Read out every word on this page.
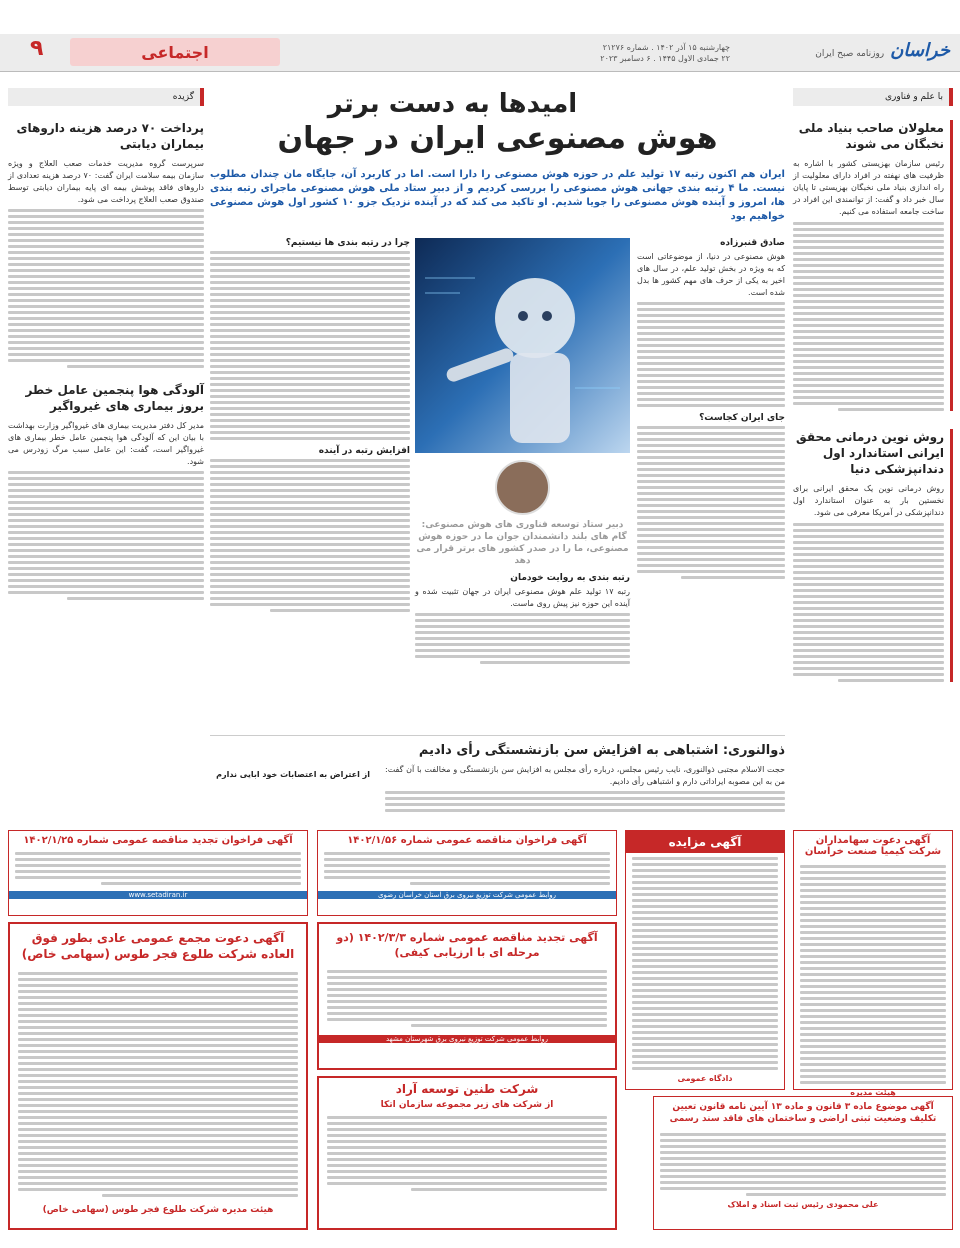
خراسان
روزنامه صبح ایران
چهارشنبه ۱۵ آذر ۱۴۰۲ . شماره ۲۱۲۷۶
۲۲ جمادی الاول ۱۴۴۵ . ۶ دسامبر ۲۰۲۳
اجتماعی
۹
با علم و فناوری
معلولان صاحب بنیاد ملی نخبگان می شوند
رئیس سازمان بهزیستی کشور با اشاره به ظرفیت های نهفته در افراد دارای معلولیت از راه اندازی بنیاد ملی نخبگان بهزیستی تا پایان سال خبر داد و گفت: از توانمندی این افراد در ساخت جامعه استفاده می کنیم.
روش نوین درمانی محقق ایرانی استاندارد اول دندانپزشکی دنیا
روش درمانی نوین یک محقق ایرانی برای نخستین بار به عنوان استاندارد اول دندانپزشکی در آمریکا معرفی می شود.
امیدها به دست برتر
هوش مصنوعی ایران در جهان
ایران هم اکنون رتبه ۱۷ تولید علم در حوزه هوش مصنوعی را دارا است. اما در کاربرد آن، جایگاه مان چندان مطلوب نیست. ما ۴ رتبه بندی جهانی هوش مصنوعی را بررسی کردیم و از دبیر ستاد ملی هوش مصنوعی ماجرای رتبه بندی ها، امروز و آینده هوش مصنوعی را جویا شدیم. او تاکید می کند که در آینده نزدیک جزو ۱۰ کشور اول هوش مصنوعی خواهیم بود
صادق قنبرزاده
هوش مصنوعی در دنیا، از موضوعاتی است که به ویژه در بخش تولید علم، در سال های اخیر به یکی از حرف های مهم کشور ها بدل شده است.
جای ایران کجاست؟
چرا در رتبه بندی ها نیستیم؟
افزایش رتبه در آینده
دبیر ستاد توسعه فناوری های هوش مصنوعی: گام های بلند دانشمندان جوان ما در حوزه هوش مصنوعی، ما را در صدر کشور های برتر قرار می دهد
رتبه بندی به روایت خودمان
رتبه ۱۷ تولید علم هوش مصنوعی ایران در جهان تثبیت شده و آینده این حوزه نیز پیش روی ماست.
گزیده
پرداخت ۷۰ درصد هزینه داروهای بیماران دیابتی
سرپرست گروه مدیریت خدمات صعب العلاج و ویژه سازمان بیمه سلامت ایران گفت: ۷۰ درصد هزینه تعدادی از داروهای فاقد پوشش بیمه ای پایه بیماران دیابتی توسط صندوق صعب العلاج پرداخت می شود.
آلودگی هوا پنجمین عامل خطر بروز بیماری های غیرواگیر
مدیر کل دفتر مدیریت بیماری های غیرواگیر وزارت بهداشت با بیان این که آلودگی هوا پنجمین عامل خطر بیماری های غیرواگیر است، گفت: این عامل سبب مرگ زودرس می شود.
ذوالنوری: اشتباهی به افزایش سن بازنشستگی رأی دادیم
از اعتراض به اعتصابات خود ابایی ندارم
حجت الاسلام مجتبی ذوالنوری، نایب رئیس مجلس، درباره رأی مجلس به افزایش سن بازنشستگی و مخالفت با آن گفت: من به این مصوبه ایراداتی دارم و اشتباهی رأی دادیم.
آگهی دعوت سهامداران شرکت کیمیا صنعت خراسان
هیئت مدیره
آگهی مزایده
دادگاه عمومی
آگهی فراخوان مناقصه عمومی شماره ۱۴۰۲/۱/۵۶
روابط عمومی شرکت توزیع نیروی برق استان خراسان رضوی
آگهی فراخوان تجدید مناقصه عمومی شماره ۱۴۰۲/۱/۲۵
www.setadiran.ir
آگهی دعوت مجمع عمومی عادی بطور فوق العاده شرکت طلوع فجر طوس (سهامی خاص)
هیئت مدیره شرکت طلوع فجر طوس (سهامی خاص)
آگهی تجدید مناقصه عمومی شماره ۱۴۰۲/۳/۳ (دو مرحله ای با ارزیابی کیفی)
روابط عمومی شرکت توزیع نیروی برق شهرستان مشهد
آگهی موضوع ماده ۳ قانون و ماده ۱۳ آیین نامه قانون تعیین تکلیف وضعیت ثبتی اراضی و ساختمان های فاقد سند رسمی
علی محمودی رئیس ثبت اسناد و املاک
شرکت طنین توسعه آراد
از شرکت های زیر مجموعه سازمان اتکا
